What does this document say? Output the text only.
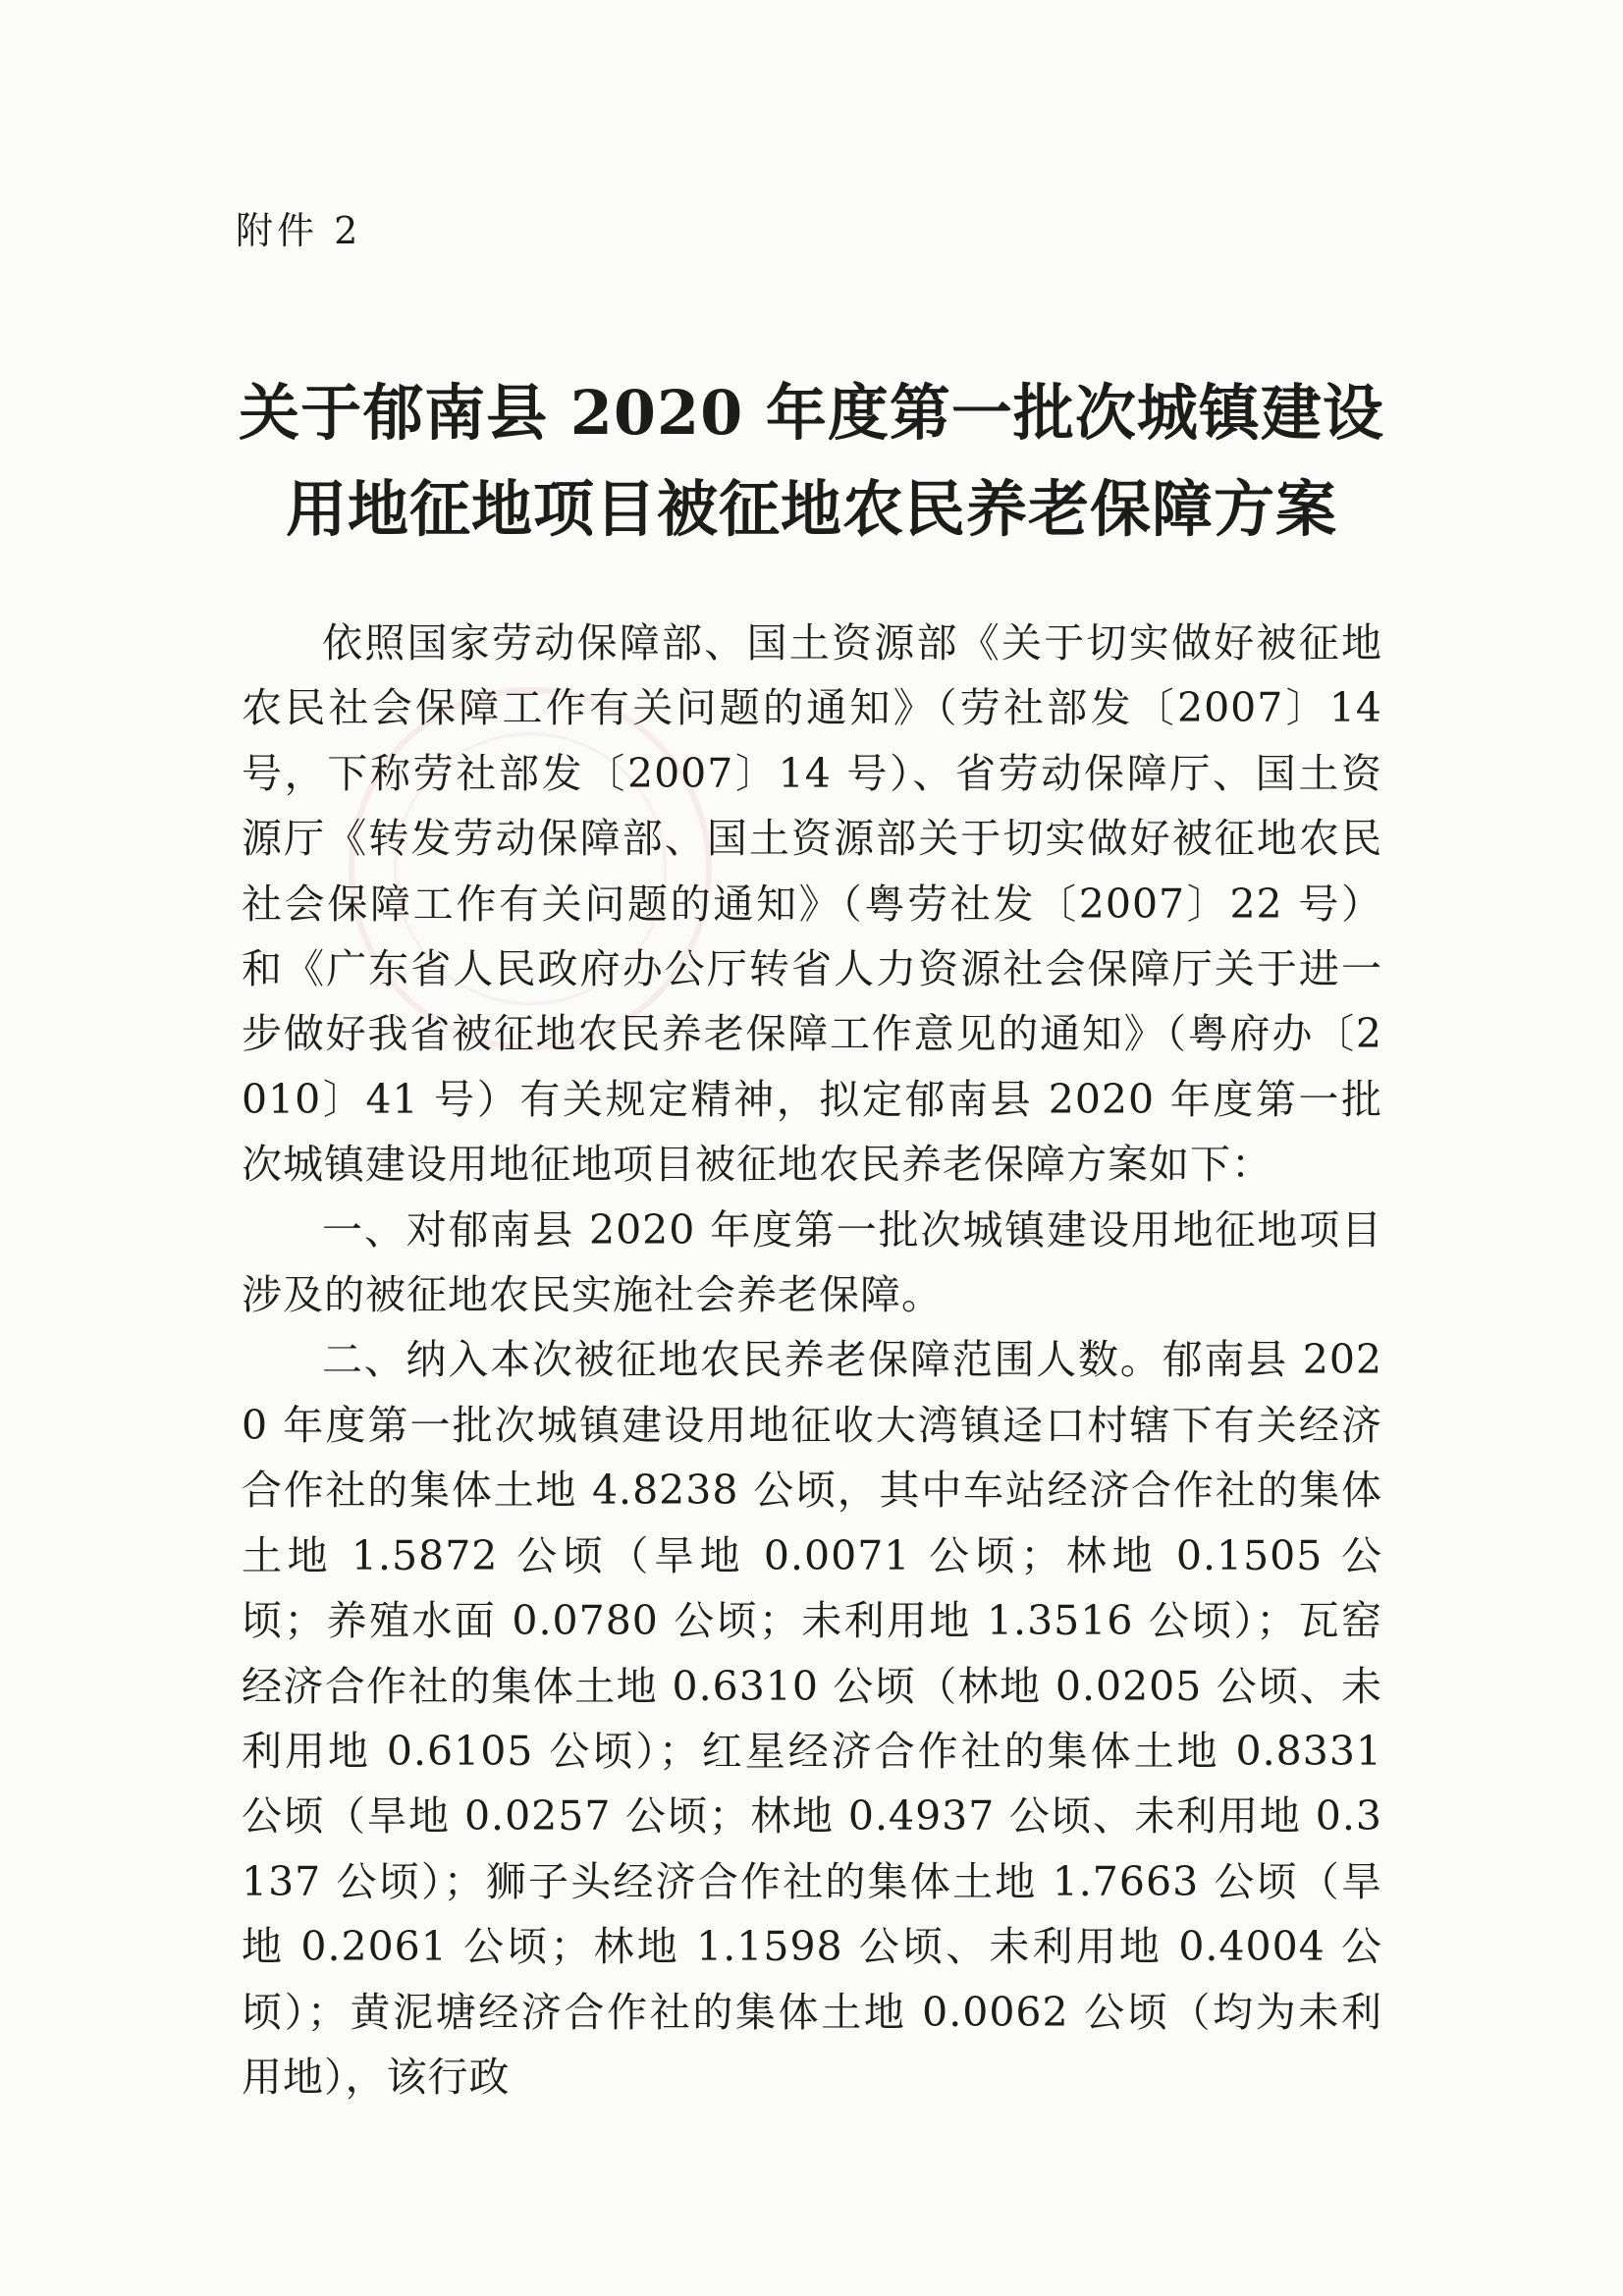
附件 2
关于郁南县 2020 年度第一批次城镇建设
用地征地项目被征地农民养老保障方案

依照国家劳动保障部、国土资源部《关于切实做好被征地农民社会保障工作有关问题的通知》（劳社部发〔2007〕14 号，下称劳社部发〔2007〕14 号）、省劳动保障厅、国土资源厅《转发劳动保障部、国土资源部关于切实做好被征地农民社会保障工作有关问题的通知》（粤劳社发〔2007〕22 号）和《广东省人民政府办公厅转省人力资源社会保障厅关于进一步做好我省被征地农民养老保障工作意见的通知》（粤府办〔2010〕41 号）有关规定精神，拟定郁南县 2020 年度第一批次城镇建设用地征地项目被征地农民养老保障方案如下：

一、对郁南县 2020 年度第一批次城镇建设用地征地项目涉及的被征地农民实施社会养老保障。

二、纳入本次被征地农民养老保障范围人数。郁南县 2020 年度第一批次城镇建设用地征收大湾镇迳口村辖下有关经济合作社的集体土地 4.8238 公顷，其中车站经济合作社的集体土地 1.5872 公顷（旱地 0.0071 公顷；林地 0.1505 公顷；养殖水面 0.0780 公顷；未利用地 1.3516 公顷）；瓦窑经济合作社的集体土地 0.6310 公顷（林地 0.0205 公顷、未利用地 0.6105 公顷）；红星经济合作社的集体土地 0.8331 公顷（旱地 0.0257 公顷；林地 0.4937 公顷、未利用地 0.3137 公顷）；狮子头经济合作社的集体土地 1.7663 公顷（旱地 0.2061 公顷；林地 1.1598 公顷、未利用地 0.4004 公顷）；黄泥塘经济合作社的集体土地 0.0062 公顷（均为未利用地），该行政
